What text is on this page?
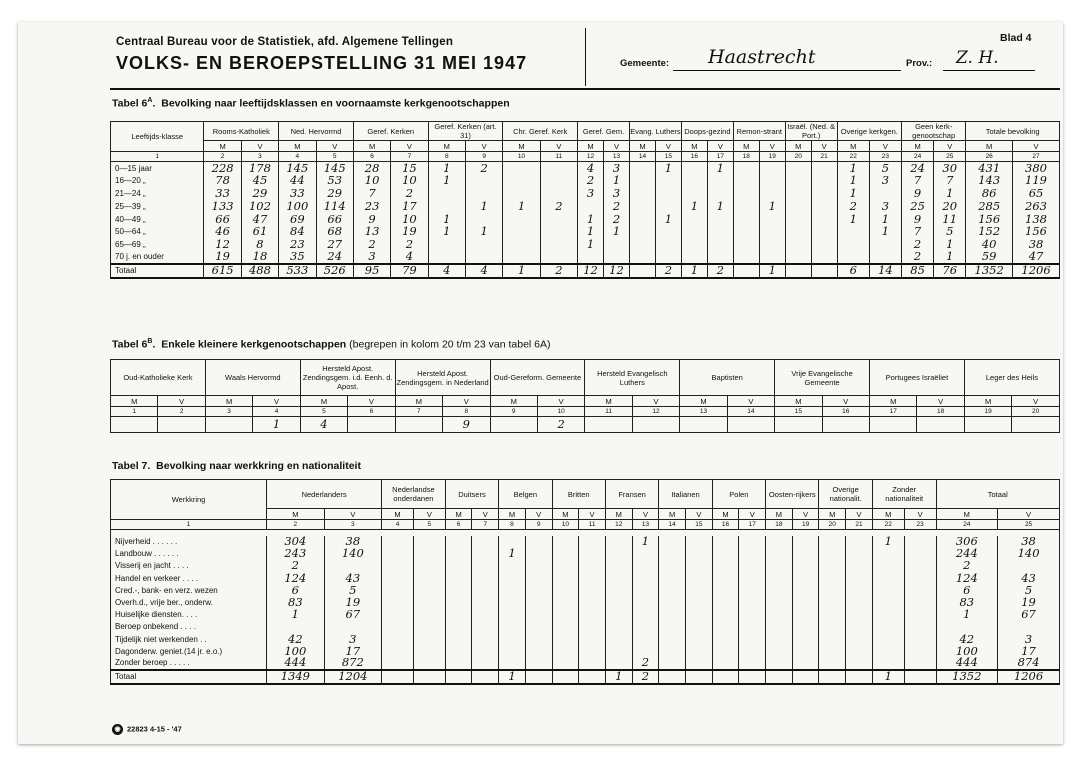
Centraal Bureau voor de Statistiek, afd. Algemene Tellingen
VOLKS- EN BEROEPSTELLING 31 MEI 1947
Blad 4
Gemeente: Haastrecht	Prov.: Z. H.
Tabel $6^A$.  Bevolking naar leeftijdsklassen en voornaamste kerkgenootschappen
Leeftijds-klasse	Rooms-Katholiek		Ned. Hervormd		Geref. Kerken		Geref. Kerken (art. 31)		Chr. Geref. Kerk		Geref. Gem.		Evang. Luthers		Doops-gezind		Remon-strant		Israël. (Ned. & Port.)		Overige kerkgen.		Geen kerk-genootschap		Totale bevolking	
	M	V	M	V	M	V	M	V	M	V	M	V	M	V	M	V	M	V	M	V	M	V	M	V	M	V
1	2	3	4	5	6	7	8	9	10	11	12	13	14	15	16	17	18	19	20	21	22	23	24	25	26	27
0—15 jaar	228	178	145	145	28	15	1	2			4	3		1		1					1	5	24	30	431	380
16—20 „	78	45	44	53	10	10	1				2	1									1	3	7	7	143	119
21—24 „	33	29	33	29	7	2					3	3									1		9	1	86	65
25—39 „	133	102	100	114	23	17		1	1	2		2			1	1		1			2	3	25	20	285	263
40—49 „	66	47	69	66	9	10	1				1	2		1							1	1	9	11	156	138
50—64 „	46	61	84	68	13	19	1	1			1	1										1	7	5	152	156
65—69 „	12	8	23	27	2	2					1												2	1	40	38
70 j. en ouder	19	18	35	24	3	4																	2	1	59	47
Totaal	615	488	533	526	95	79	4	4	1	2	12	12		2	1	2		1			6	14	85	76	1352	1206
Tabel $6^B$.  Enkele kleinere kerkgenootschappen (begrepen in kolom 20 t/m 23 van tabel 6A)
Oud-Katholieke Kerk		Waals Hervormd		Hersteld Apost. Zendingsgem. i.d. Eenh. d. Apost.		Hersteld Apost. Zendingsgem. in Nederland		Oud-Gereform. Gemeente		Hersteld Evangelisch Luthers		Baptisten		Vrije Evangelische Gemeente		Portugees Israëliet		Leger des Heils	
M	V	M	V	M	V	M	V	M	V	M	V	M	V	M	V	M	V	M	V
1	2	3	4	5	6	7	8	9	10	11	12	13	14	15	16	17	18	19	20
			1	4			9		2										
Tabel 7. Bevolking naar werkkring en nationaliteit
Werkkring	Nederlanders		Nederlandse onderdanen		Duitsers		Belgen		Britten		Fransen		Italianen		Polen		Oosten-rijkers		Overige nationalit.		Zonder nationaliteit		Totaal	
	M	V	M	V	M	V	M	V	M	V	M	V	M	V	M	V	M	V	M	V	M	V	M	V
1	2	3	4	5	6	7	8	9	10	11	12	13	14	15	16	17	18	19	20	21	22	23	24	25

Nijverheid . . . . . .	304	38										1									1		306	38
Landbouw . . . . . .	243	140					1																244	140
Visserij en jacht . . . .	2																						2	
Handel en verkeer . . . .	124	43																					124	43
Cred.-, bank- en verz. wezen	6	5																					6	5
Overh.d., vrije ber., onderw.	83	19																					83	19
Huiselijke diensten. . . .	1	67																					1	67
Beroep onbekend . . . .																								
Tijdelijk niet werkenden . .	42	3																					42	3
Dagonderw. geniet.(14 jr. e.o.)	100	17																					100	17
Zonder beroep . . . . .	444	872										2											444	874
Totaal	1349	1204					1				1	2									1		1352	1206
◉ 22823 4-15 - '47
